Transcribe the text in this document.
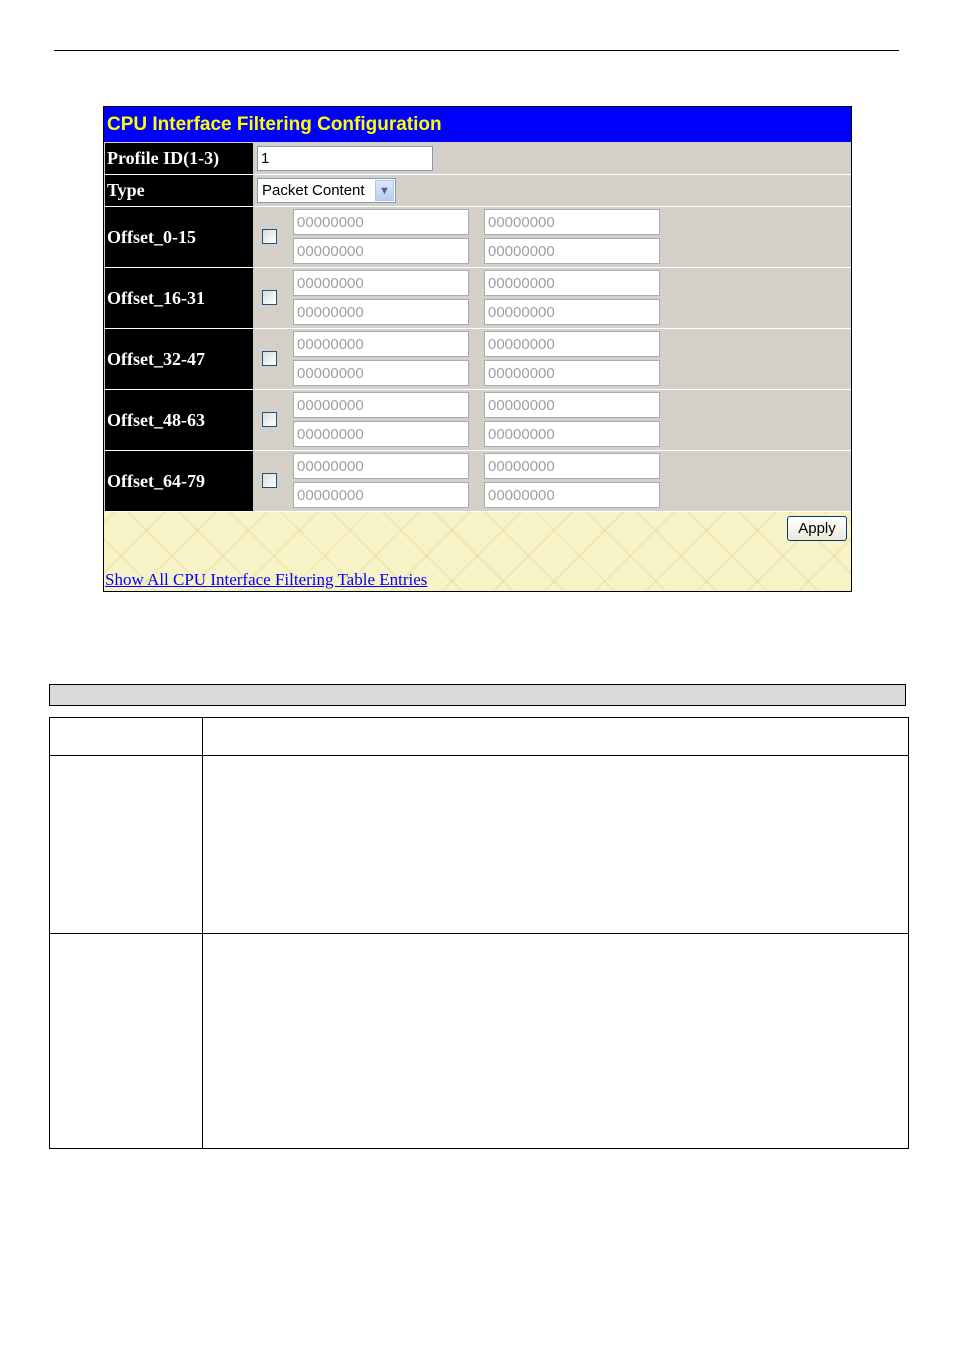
CPU Interface Filtering Configuration
Profile ID(1-3)	1
Type	Packet Content	▼
Offset_0-15
00000000	00000000
00000000	00000000
Offset_16-31
00000000	00000000
00000000	00000000
Offset_32-47
00000000	00000000
00000000	00000000
Offset_48-63
00000000	00000000
00000000	00000000
Offset_64-79
00000000	00000000
00000000	00000000
Apply
Show All CPU Interface Filtering Table Entries
